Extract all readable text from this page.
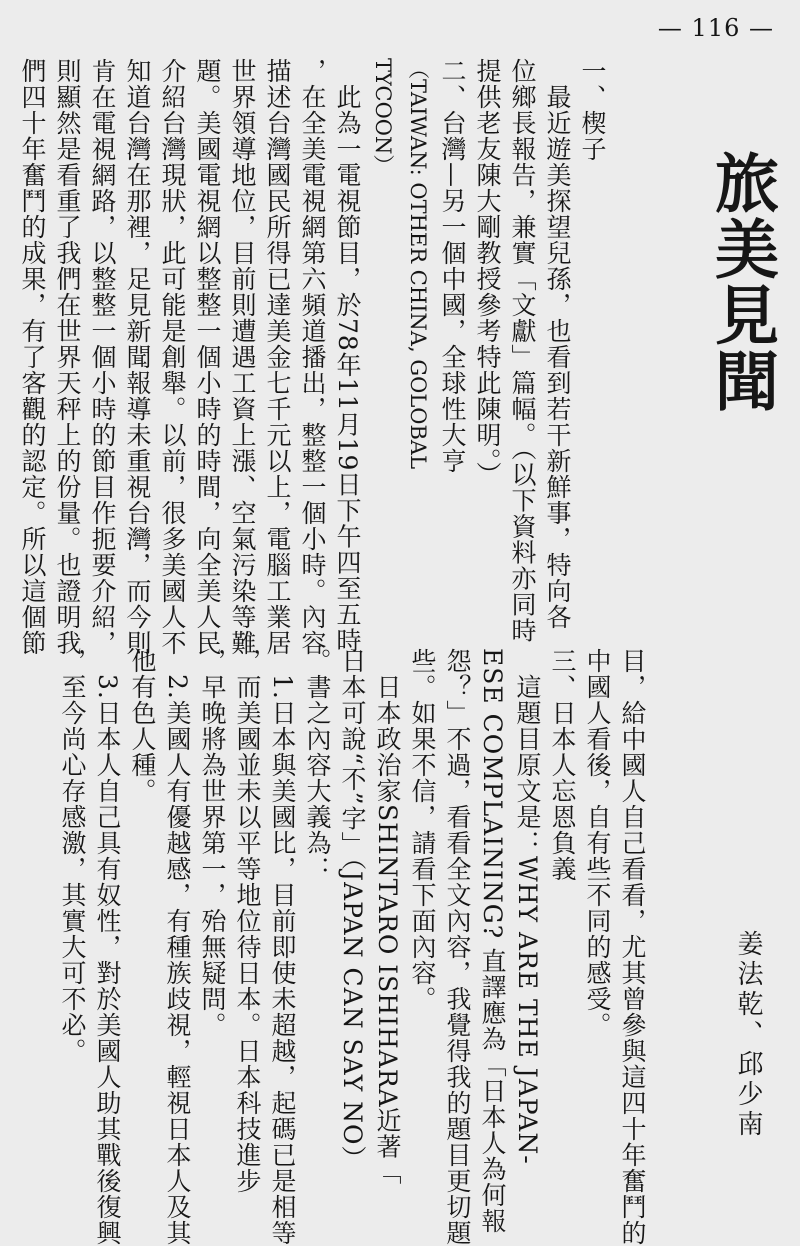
— 116 —
旅美見聞
姜法乾、邱少南
一、楔子
　最近遊美探望兒孫，也看到若干新鮮事，特向各
位鄉長報告，兼實「文獻」篇幅。（以下資料亦同時
提供老友陳大剛教授參考特此陳明。）
二、台灣—另一個中國，全球性大亨
（TAIWAN: OTHER CHINA, GOLOBAL
TYCOON）
　此為一電視節目，於78年11月19日下午四至五時
，在全美電視網第六頻道播出，整整一個小時。內容
描述台灣國民所得已達美金七千元以上，電腦工業居
世界領導地位，目前則遭遇工資上漲、空氣污染等難
題。美國電視網以整整一個小時的時間，向全美人民
介紹台灣現狀，此可能是創舉。以前，很多美國人不
知道台灣在那裡，足見新聞報導未重視台灣，而今則
肯在電視網路，以整整一個小時的節目作扼要介紹，
則顯然是看重了我們在世界天秤上的份量。也證明我
們四十年奮鬥的成果，有了客觀的認定。所以這個節
目，給中國人自己看看，尤其曾參與這四十年奮鬥的
中國人看後，自有些不同的感受。
三、日本人忘恩負義
　這題目原文是：WHY ARE THE JAPAN-
ESE COMPLAINING? 直譯應為「日本人為何報
怨？」不過，看看全文內容，我覺得我的題目更切題
些。如果不信，請看下面內容。
　日本政治家SHINTARO ISHIHARA近著「
日本可說“不”字」（JAPAN CAN SAY NO）
。書之內容大義為：
　1.日本與美國比，目前即使未超越，起碼已是相等
，而美國並未以平等地位待日本。日本科技進步
，早晚將為世界第一，殆無疑問。
　2.美國人有優越感，有種族歧視，輕視日本人及其
他有色人種。
　3.日本人自己具有奴性，對於美國人助其戰後復興
，至今尚心存感激，其實大可不必。
